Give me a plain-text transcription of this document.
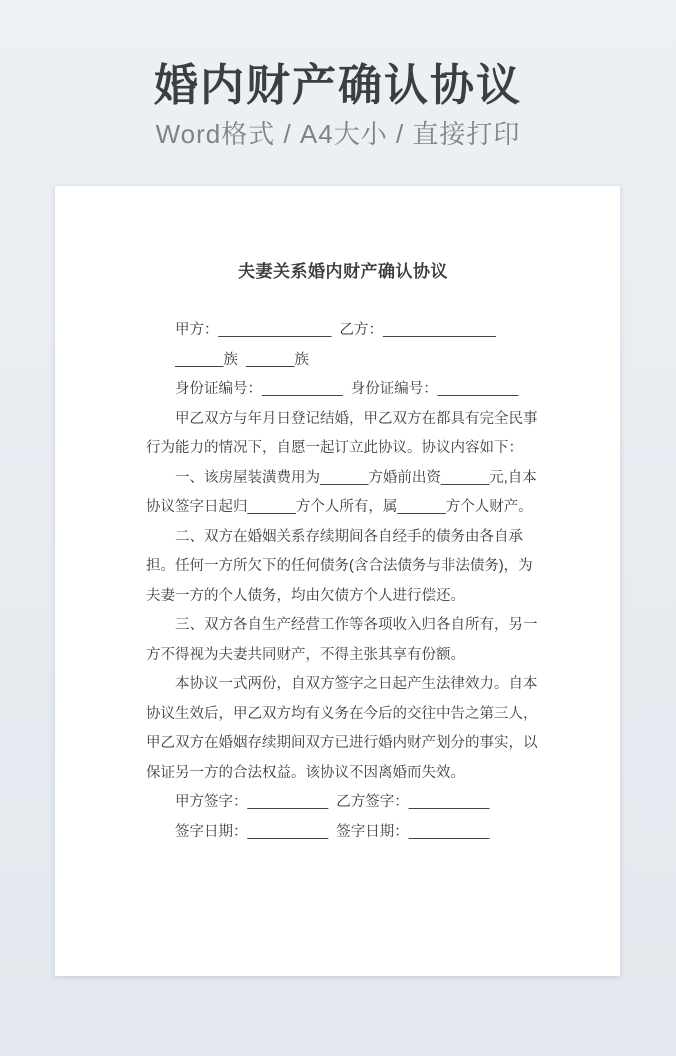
婚内财产确认协议
Word格式 / A4大小 / 直接打印
夫妻关系婚内财产确认协议

甲方：______________  乙方：______________

______族  ______族

身份证编号：__________  身份证编号：__________

甲乙双方与年月日登记结婚，甲乙双方在都具有完全民事行为能力的情况下，自愿一起订立此协议。协议内容如下：

一、该房屋装潢费用为______方婚前出资______元,自本协议签字日起归______方个人所有，属______方个人财产。

二、双方在婚姻关系存续期间各自经手的债务由各自承担。任何一方所欠下的任何债务(含合法债务与非法债务)，为夫妻一方的个人债务，均由欠债方个人进行偿还。

三、双方各自生产经营工作等各项收入归各自所有，另一方不得视为夫妻共同财产，不得主张其享有份额。

本协议一式两份，自双方签字之日起产生法律效力。自本协议生效后，甲乙双方均有义务在今后的交往中告之第三人，甲乙双方在婚姻存续期间双方已进行婚内财产划分的事实，以保证另一方的合法权益。该协议不因离婚而失效。

甲方签字：__________  乙方签字：__________

签字日期：__________  签字日期：__________
